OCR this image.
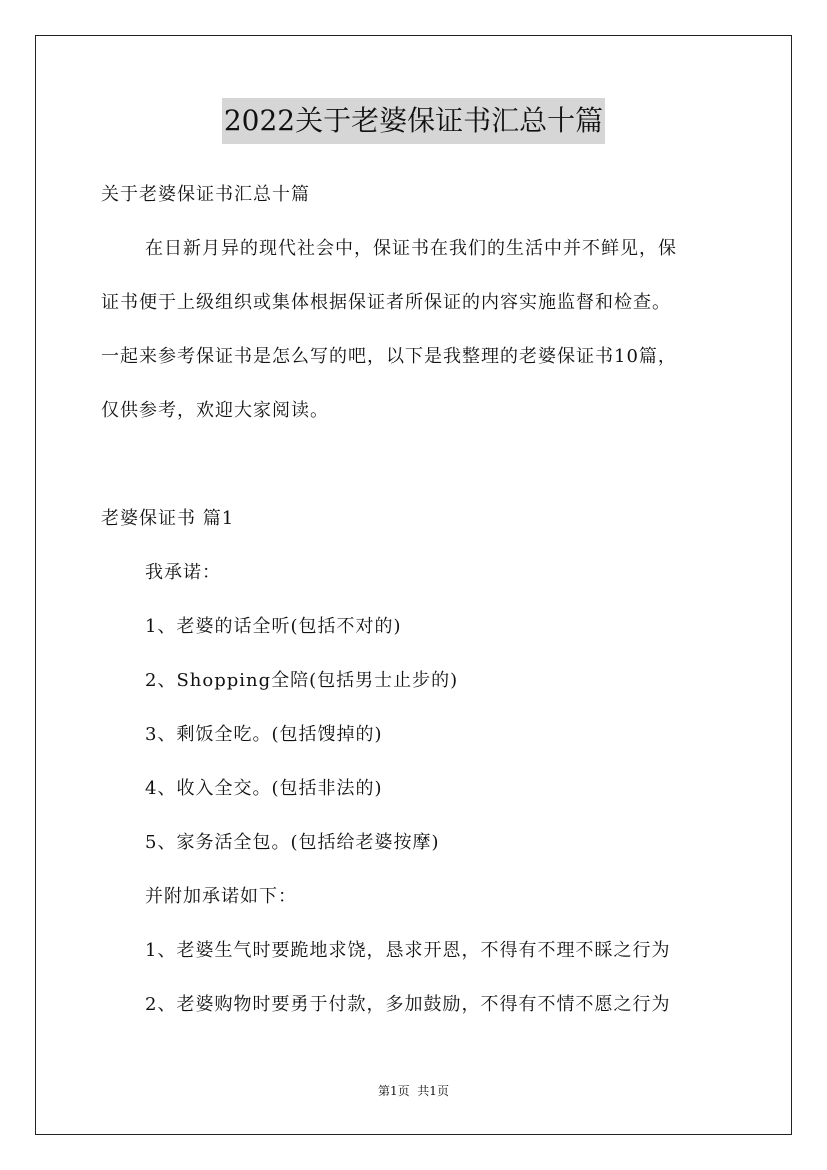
2022关于老婆保证书汇总十篇
关于老婆保证书汇总十篇
在日新月异的现代社会中，保证书在我们的生活中并不鲜见，保
证书便于上级组织或集体根据保证者所保证的内容实施监督和检查。
一起来参考保证书是怎么写的吧，以下是我整理的老婆保证书10篇，
仅供参考，欢迎大家阅读。
老婆保证书 篇1
我承诺：
1、老婆的话全听(包括不对的)
2、Shopping全陪(包括男士止步的)
3、剩饭全吃。(包括馊掉的)
4、收入全交。(包括非法的)
5、家务活全包。(包括给老婆按摩)
并附加承诺如下：
1、老婆生气时要跪地求饶，恳求开恩，不得有不理不睬之行为
2、老婆购物时要勇于付款，多加鼓励，不得有不情不愿之行为
第1页  共1页
